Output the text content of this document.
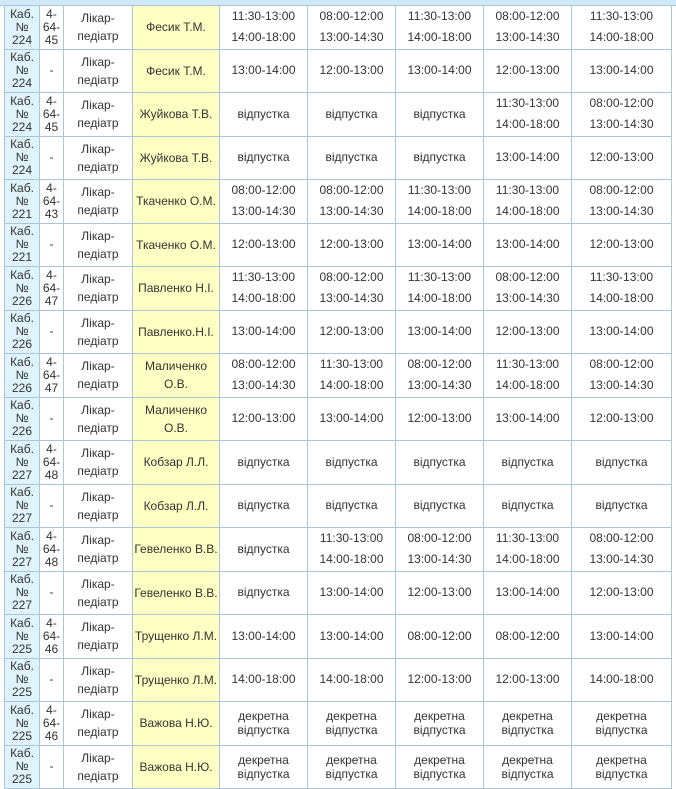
Каб.
№
224	4-
64-
45	Лікар-
педіатр	Фесик Т.М.	11:30-13:00
14:00-18:00	08:00-12:00
13:00-14:30	11:30-13:00
14:00-18:00	08:00-12:00
13:00-14:30	11:30-13:00
14:00-18:00

Каб.
№
224	-	Лікар-
педіатр	Фесик Т.М.	13:00-14:00	12:00-13:00	13:00-14:00	12:00-13:00	13:00-14:00

Каб.
№
224	4-
64-
45	Лікар-
педіатр	Жуйкова Т.В.	відпустка	відпустка	відпустка	11:30-13:00
14:00-18:00	08:00-12:00
13:00-14:30

Каб.
№
224	-	Лікар-
педіатр	Жуйкова Т.В.	відпустка	відпустка	відпустка	13:00-14:00	12:00-13:00

Каб.
№
221	4-
64-
43	Лікар-
педіатр	Ткаченко О.М.	08:00-12:00
13:00-14:30	08:00-12:00
13:00-14:30	11:30-13:00
14:00-18:00	11:30-13:00
14:00-18:00	08:00-12:00
13:00-14:30

Каб.
№
221	-	Лікар-
педіатр	Ткаченко О.М.	12:00-13:00	12:00-13:00	13:00-14:00	13:00-14:00	12:00-13:00

Каб.
№
226	4-
64-
47	Лікар-
педіатр	Павленко Н.І.	11:30-13:00
14:00-18:00	08:00-12:00
13:00-14:30	11:30-13:00
14:00-18:00	08:00-12:00
13:00-14:30	11:30-13:00
14:00-18:00

Каб.
№
226	-	Лікар-
педіатр	Павленко.Н.І.	13:00-14:00	12:00-13:00	13:00-14:00	12:00-13:00	13:00-14:00

Каб.
№
226	4-
64-
47	Лікар-
педіатр	Маличенко
О.В.	08:00-12:00
13:00-14:30	11:30-13:00
14:00-18:00	08:00-12:00
13:00-14:30	11:30-13:00
14:00-18:00	08:00-12:00
13:00-14:30

Каб.
№
226	-	Лікар-
педіатр	Маличенко
О.В.	12:00-13:00	13:00-14:00	12:00-13:00	13:00-14:00	12:00-13:00

Каб.
№
227	4-
64-
48	Лікар-
педіатр	Кобзар Л.Л.	відпустка	відпустка	відпустка	відпустка	відпустка

Каб.
№
227	-	Лікар-
педіатр	Кобзар Л.Л.	відпустка	відпустка	відпустка	відпустка	відпустка

Каб.
№
227	4-
64-
48	Лікар-
педіатр	Гевеленко В.В.	відпустка	11:30-13:00
14:00-18:00	08:00-12:00
13:00-14:30	11:30-13:00
14:00-18:00	08:00-12:00
13:00-14:30

Каб.
№
227	-	Лікар-
педіатр	Гевеленко В.В.	відпустка	13:00-14:00	12:00-13:00	13:00-14:00	12:00-13:00

Каб.
№
225	4-
64-
46	Лікар-
педіатр	Трущенко Л.М.	13:00-14:00	13:00-14:00	08:00-12:00	08:00-12:00	13:00-14:00

Каб.
№
225	-	Лікар-
педіатр	Трущенко Л.М.	14:00-18:00	14:00-18:00	12:00-13:00	12:00-13:00	14:00-18:00

Каб.
№
225	4-
64-
46	Лікар-
педіатр	Важова Н.Ю.	декретна
відпустка	декретна
відпустка	декретна
відпустка	декретна
відпустка	декретна
відпустка

Каб.
№
225	-	Лікар-
педіатр	Важова Н.Ю.	декретна
відпустка	декретна
відпустка	декретна
відпустка	декретна
відпустка	декретна
відпустка
